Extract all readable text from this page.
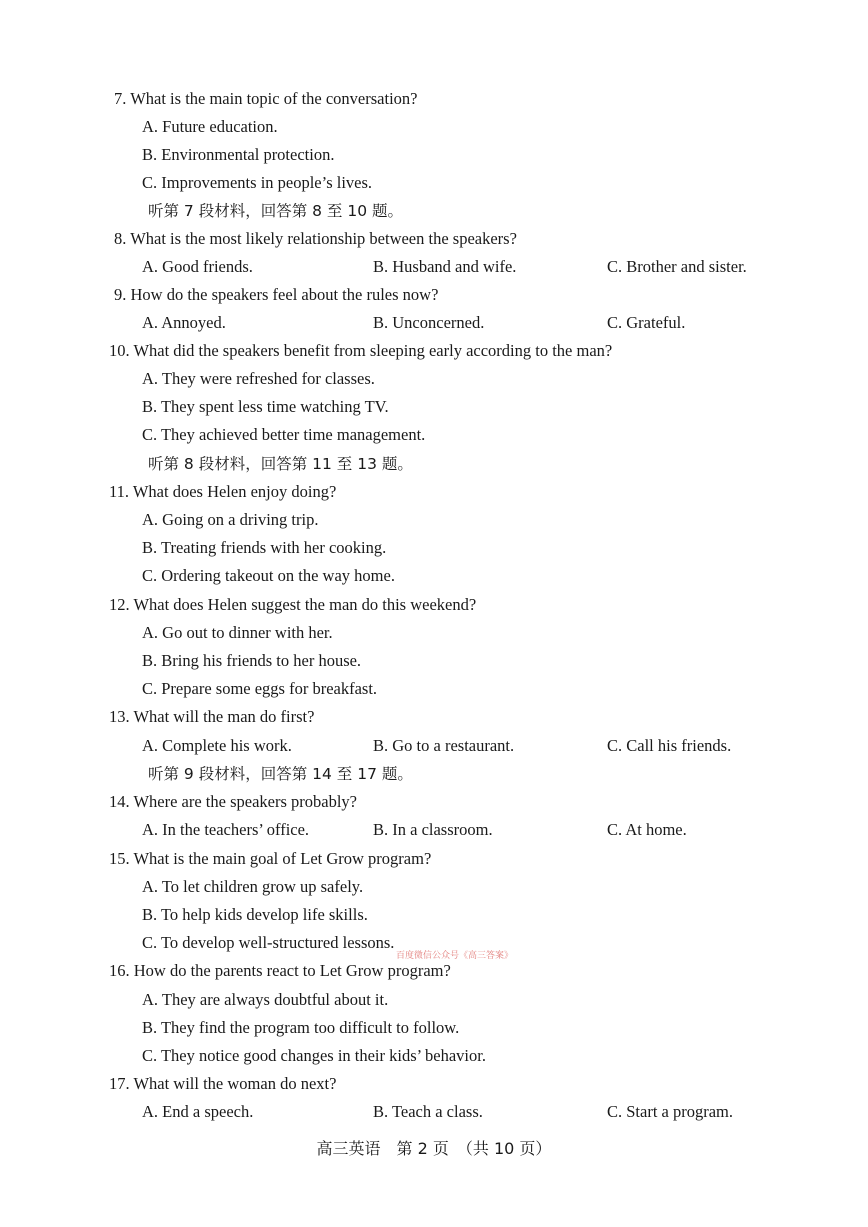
7. What is the main topic of the conversation?
A. Future education.
B. Environmental protection.
C. Improvements in people’s lives.
听第 7 段材料，回答第 8 至 10 题。
8. What is the most likely relationship between the speakers?
A. Good friends.	B. Husband and wife.	C. Brother and sister.
9. How do the speakers feel about the rules now?
A. Annoyed.	B. Unconcerned.	C. Grateful.
10. What did the speakers benefit from sleeping early according to the man?
A. They were refreshed for classes.
B. They spent less time watching TV.
C. They achieved better time management.
听第 8 段材料，回答第 11 至 13 题。
11. What does Helen enjoy doing?
A. Going on a driving trip.
B. Treating friends with her cooking.
C. Ordering takeout on the way home.
12. What does Helen suggest the man do this weekend?
A. Go out to dinner with her.
B. Bring his friends to her house.
C. Prepare some eggs for breakfast.
13. What will the man do first?
A. Complete his work.	B. Go to a restaurant.	C. Call his friends.
听第 9 段材料，回答第 14 至 17 题。
14. Where are the speakers probably?
A. In the teachers’ office.	B. In a classroom.	C. At home.
15. What is the main goal of Let Grow program?
A. To let children grow up safely.
B. To help kids develop life skills.
C. To develop well-structured lessons.
百度微信公众号《高三答案》
16. How do the parents react to Let Grow program?
A. They are always doubtful about it.
B. They find the program too difficult to follow.
C. They notice good changes in their kids’ behavior.
17. What will the woman do next?
A. End a speech.	B. Teach a class.	C. Start a program.
高三英语　第 2 页　（共 10 页）
